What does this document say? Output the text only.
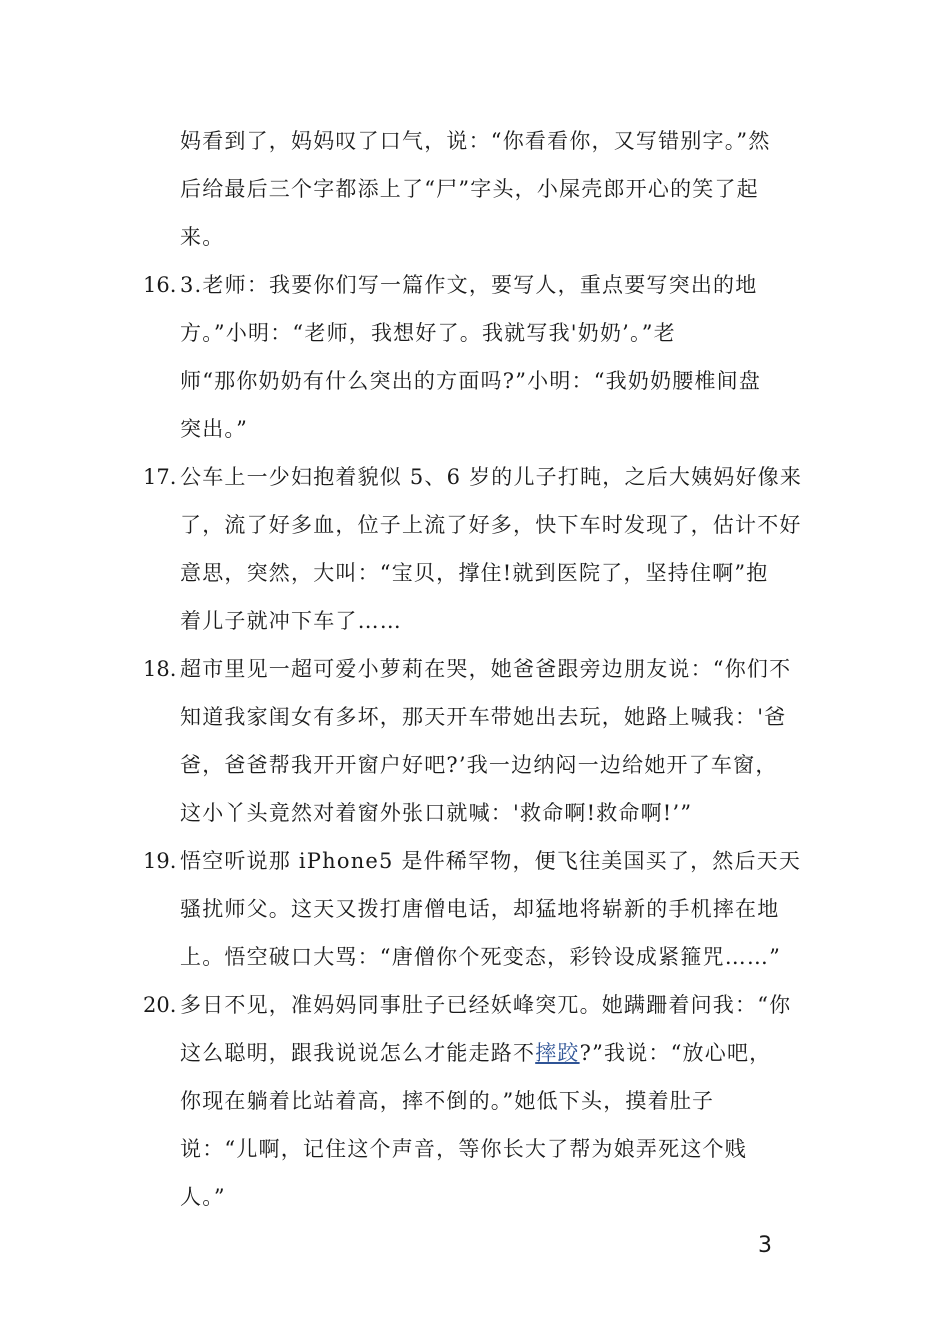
妈看到了，妈妈叹了口气，说：“你看看你，又写错别字。”然
后给最后三个字都添上了“尸”字头，小屎壳郎开心的笑了起
来。
16. 3.老师：我要你们写一篇作文，要写人，重点要写突出的地
方。”小明：“老师，我想好了。我就写我'奶奶’。”老
师“那你奶奶有什么突出的方面吗?”小明：“我奶奶腰椎间盘
突出。”
17. 公车上一少妇抱着貌似 5、6 岁的儿子打盹，之后大姨妈好像来
了，流了好多血，位子上流了好多，快下车时发现了，估计不好
意思，突然，大叫：“宝贝，撑住!就到医院了，坚持住啊”抱
着儿子就冲下车了……
18. 超市里见一超可爱小萝莉在哭，她爸爸跟旁边朋友说：“你们不
知道我家闺女有多坏，那天开车带她出去玩，她路上喊我：'爸
爸，爸爸帮我开开窗户好吧?’我一边纳闷一边给她开了车窗，
这小丫头竟然对着窗外张口就喊：'救命啊!救命啊!’”
19. 悟空听说那 iPhone5 是件稀罕物，便飞往美国买了，然后天天
骚扰师父。这天又拨打唐僧电话，却猛地将崭新的手机摔在地
上。悟空破口大骂：“唐僧你个死变态，彩铃设成紧箍咒……”
20. 多日不见，准妈妈同事肚子已经妖峰突兀。她蹒跚着问我：“你
这么聪明，跟我说说怎么才能走路不摔跤?”我说：“放心吧，
你现在躺着比站着高，摔不倒的。”她低下头，摸着肚子
说：“儿啊，记住这个声音，等你长大了帮为娘弄死这个贱
人。”
3
